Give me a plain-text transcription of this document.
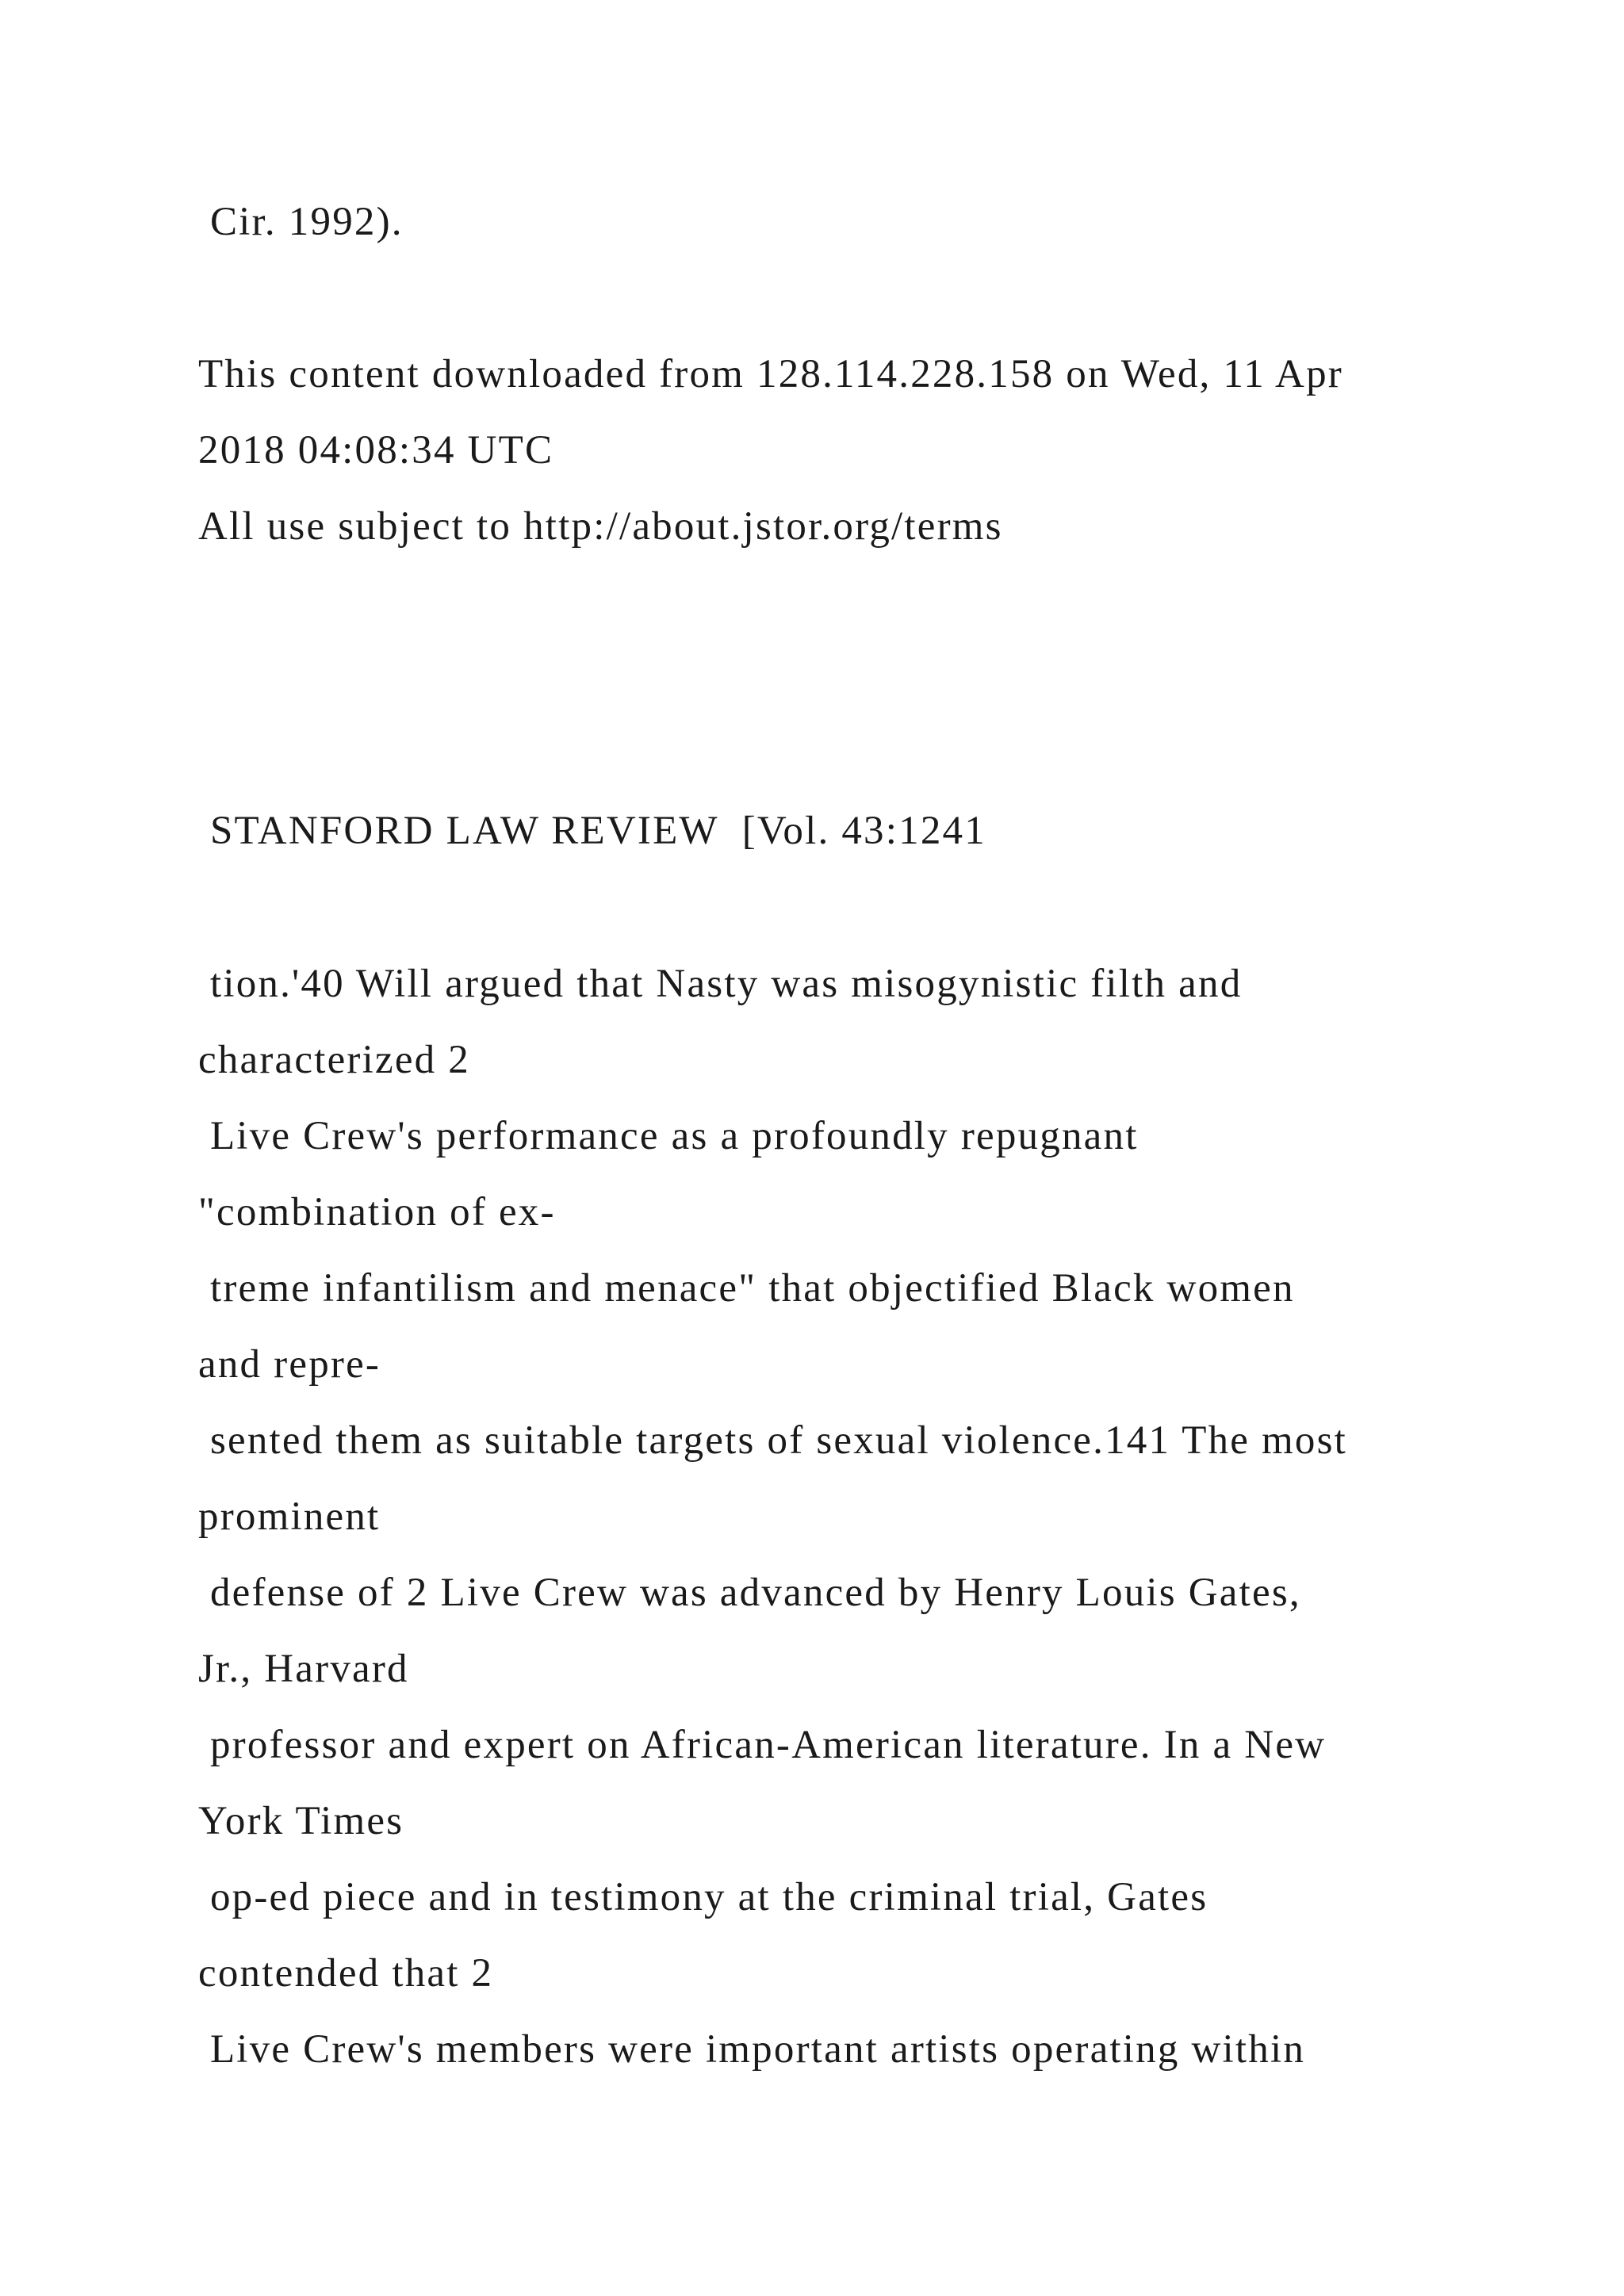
Cir. 1992).
This content downloaded from 128.114.228.158 on Wed, 11 Apr
2018 04:08:34 UTC
All use subject to http://about.jstor.org/terms
STANFORD LAW REVIEW  [Vol. 43:1241
tion.'40 Will argued that Nasty was misogynistic filth and
characterized 2
Live Crew's performance as a profoundly repugnant
"combination of ex-
treme infantilism and menace" that objectified Black women
and repre-
sented them as suitable targets of sexual violence.141 The most
prominent
defense of 2 Live Crew was advanced by Henry Louis Gates,
Jr., Harvard
professor and expert on African-American literature. In a New
York Times
op-ed piece and in testimony at the criminal trial, Gates
contended that 2
Live Crew's members were important artists operating within
